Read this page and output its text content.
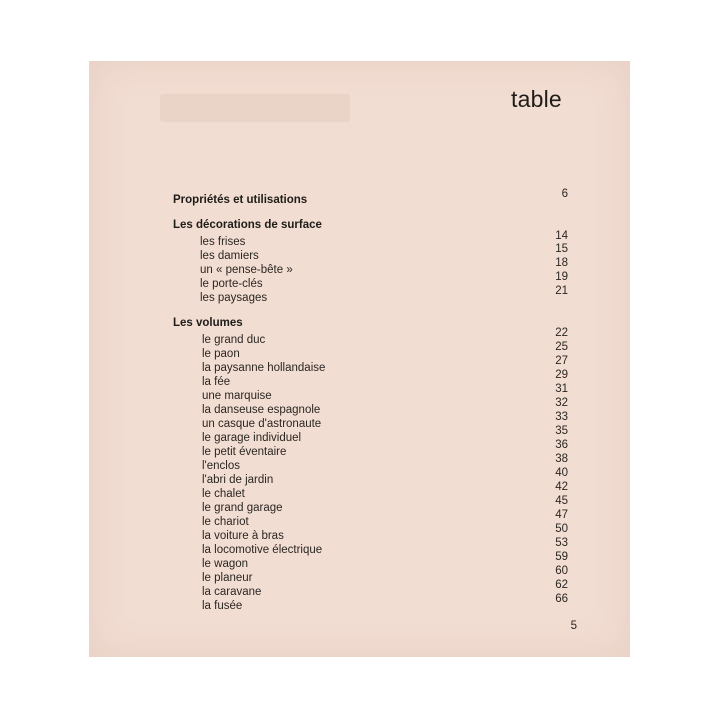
table
Propriétés et utilisations	6
Les décorations de surface
les frises
les damiers
un « pense-bête »
le porte-clés
les paysages
14
15
18
19
21
Les volumes
le grand duc
le paon
la paysanne hollandaise
la fée
une marquise
la danseuse espagnole
un casque d'astronaute
le garage individuel
le petit éventaire
l'enclos
l'abri de jardin
le chalet
le grand garage
le chariot
la voiture à bras
la locomotive électrique
le wagon
le planeur
la caravane
la fusée
22
25
27
29
31
32
33
35
36
38
40
42
45
47
50
53
59
60
62
66
5
